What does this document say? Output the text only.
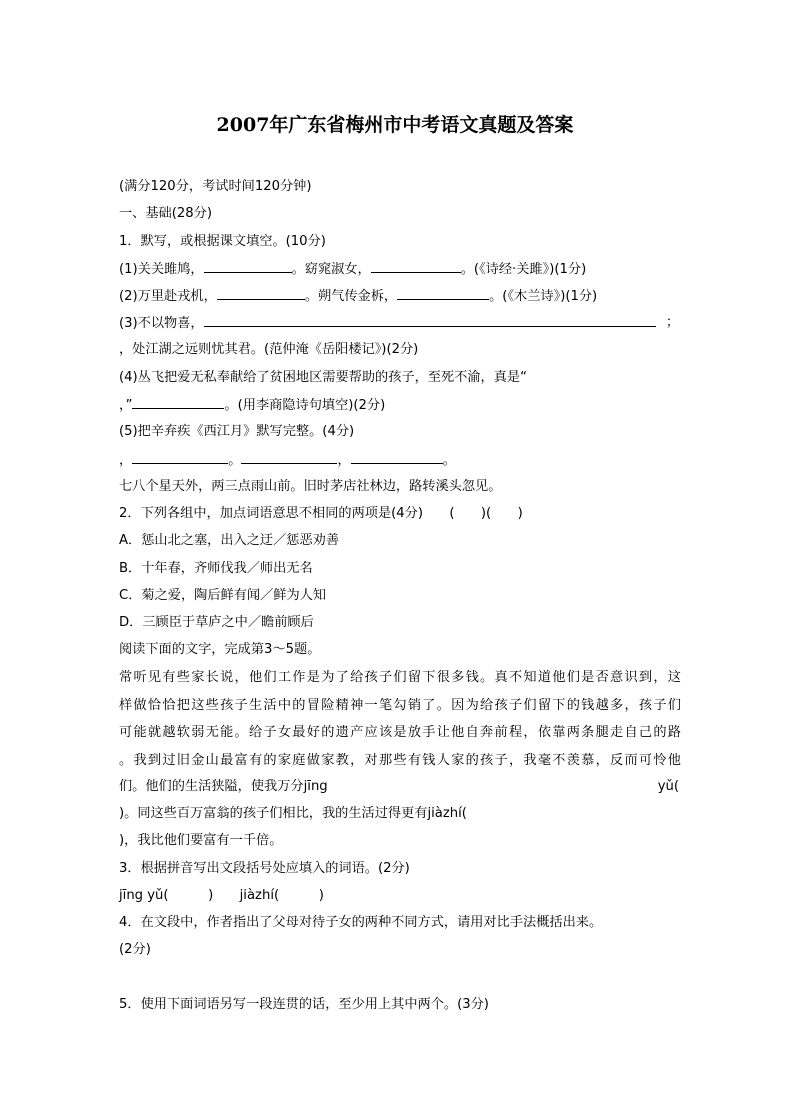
2007年广东省梅州市中考语文真题及答案
(满分120分，考试时间120分钟)
一、基础(28分)
1．默写，或根据课文填空。(10分)
(1)关关雎鸠，	。窈窕淑女，	。(《诗经·关雎》)(1分)
(2)万里赴戎机，	。朔气传金柝，	。(《木兰诗》)(1分)
(3)不以物喜，	；
，处江湖之远则忧其君。(范仲淹《岳阳楼记》)(2分)
(4)丛飞把爱无私奉献给了贫困地区需要帮助的孩子，至死不渝，真是“
，”	。(用李商隐诗句填空)(2分)
(5)把辛弃疾《西江月》默写完整。(4分)
，	。	，	。
七八个星天外，两三点雨山前。旧时茅店社林边，路转溪头忽见。
2．下列各组中，加点词语意思不相同的两项是(4分)　　(　　)(　　)
A．惩山北之塞，出入之迂／惩恶劝善
B．十年春，齐师伐我／师出无名
C．菊之爱，陶后鲜有闻／鲜为人知
D．三顾臣于草庐之中／瞻前顾后
阅读下面的文字，完成第3～5题。
常听见有些家长说，他们工作是为了给孩子们留下很多钱。真不知道他们是否意识到，这
样做恰恰把这些孩子生活中的冒险精神一笔勾销了。因为给孩子们留下的钱越多，孩子们
可能就越软弱无能。给子女最好的遗产应该是放手让他自奔前程，依靠两条腿走自己的路
。我到过旧金山最富有的家庭做家教，对那些有钱人家的孩子，我毫不羡慕，反而可怜他
们。他们的生活狭隘，使我万分jīng	yǔ(
)。同这些百万富翁的孩子们相比，我的生活过得更有jiàzhí(
)，我比他们要富有一千倍。
3．根据拼音写出文段括号处应填入的词语。(2分)
jīng yǔ(　　　)　　jiàzhí(　　　)
4．在文段中，作者指出了父母对待子女的两种不同方式，请用对比手法概括出来。
(2分)
5．使用下面词语另写一段连贯的话，至少用上其中两个。(3分)
